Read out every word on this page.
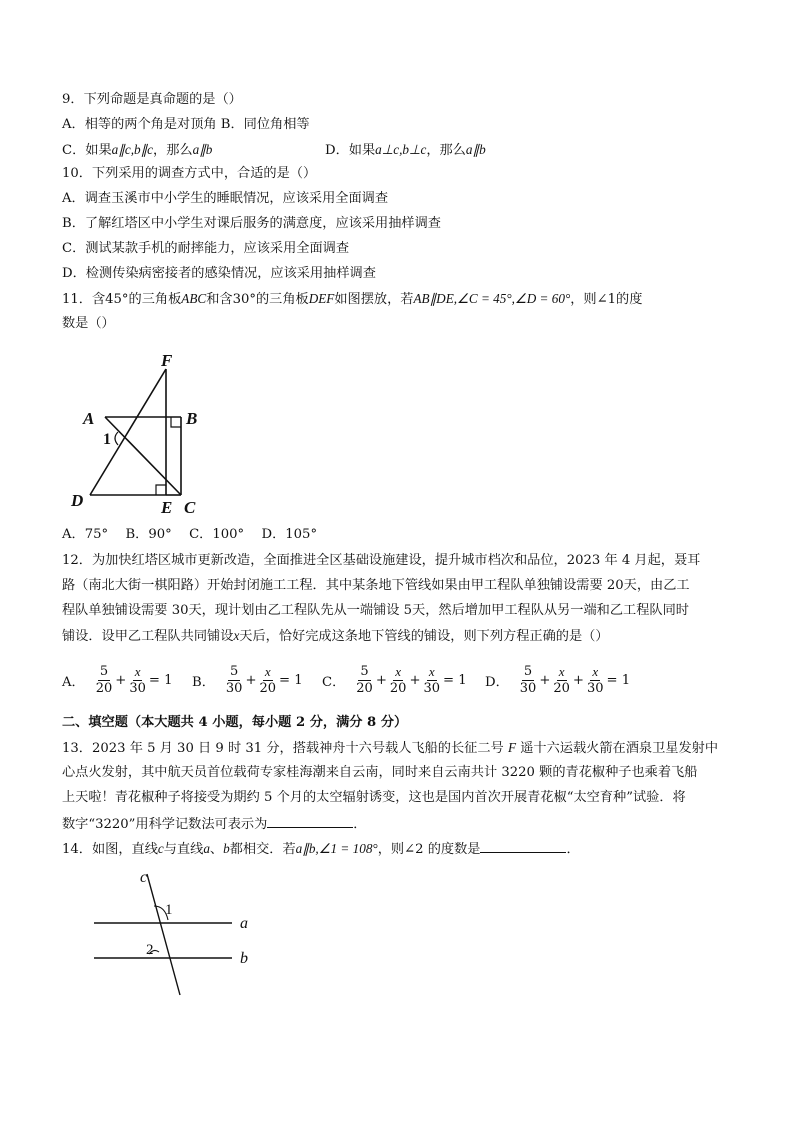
9．下列命题是真命题的是（）
A．相等的两个角是对顶角 B．同位角相等
C．如果a∥c,b∥c，那么a∥b	D．如果a⊥c,b⊥c，那么a∥b
10．下列采用的调查方式中，合适的是（）
A．调查玉溪市中小学生的睡眠情况，应该采用全面调查
B．了解红塔区中小学生对课后服务的满意度，应该采用抽样调查
C．测试某款手机的耐摔能力，应该采用全面调查
D．检测传染病密接者的感染情况，应该采用抽样调查
11．含45°的三角板ABC和含30°的三角板DEF如图摆放，若AB∥DE,∠C = 45°,∠D = 60°，则∠1的度
数是（）
F
A	B
D	E C
1
A．75°　 B．90°　 C．100°　 D．105°
12．为加快红塔区城市更新改造，全面推进全区基础设施建设，提升城市档次和品位，2023 年 4 月起，聂耳
路（南北大街一棋阳路）开始封闭施工工程．其中某条地下管线如果由甲工程队单独铺设需要 20天，由乙工
程队单独铺设需要 30天，现计划由乙工程队先从一端铺设 5天，然后增加甲工程队从另一端和乙工程队同时
铺设．设甲乙工程队共同铺设x天后，恰好完成这条地下管线的铺设，则下列方程正确的是（）
A． $\frac{5}{20} + \frac{x}{30} = 1$ B． $\frac{5}{30} + \frac{x}{20} = 1$ C． $\frac{5}{20} + \frac{x}{20} + \frac{x}{30} = 1$ D． $\frac{5}{30} + \frac{x}{20} + \frac{x}{30} = 1$
二、填空题（本大题共 4 小题，每小题 2 分，满分 8 分）
13．2023 年 5 月 30 日 9 时 31 分，搭载神舟十六号载人飞船的长征二号 F 遥十六运载火箭在酒泉卫星发射中
心点火发射，其中航天员首位载荷专家桂海潮来自云南，同时来自云南共计 3220 颗的青花椒种子也乘着飞船
上天啦！青花椒种子将接受为期约 5 个月的太空辐射诱变，这也是国内首次开展青花椒“太空育种”试验．将
数字“3220”用科学记数法可表示为	．
14．如图，直线c与直线a、b都相交．若a∥b,∠1 = 108°，则∠2 的度数是	．
c
1
a
2	b
